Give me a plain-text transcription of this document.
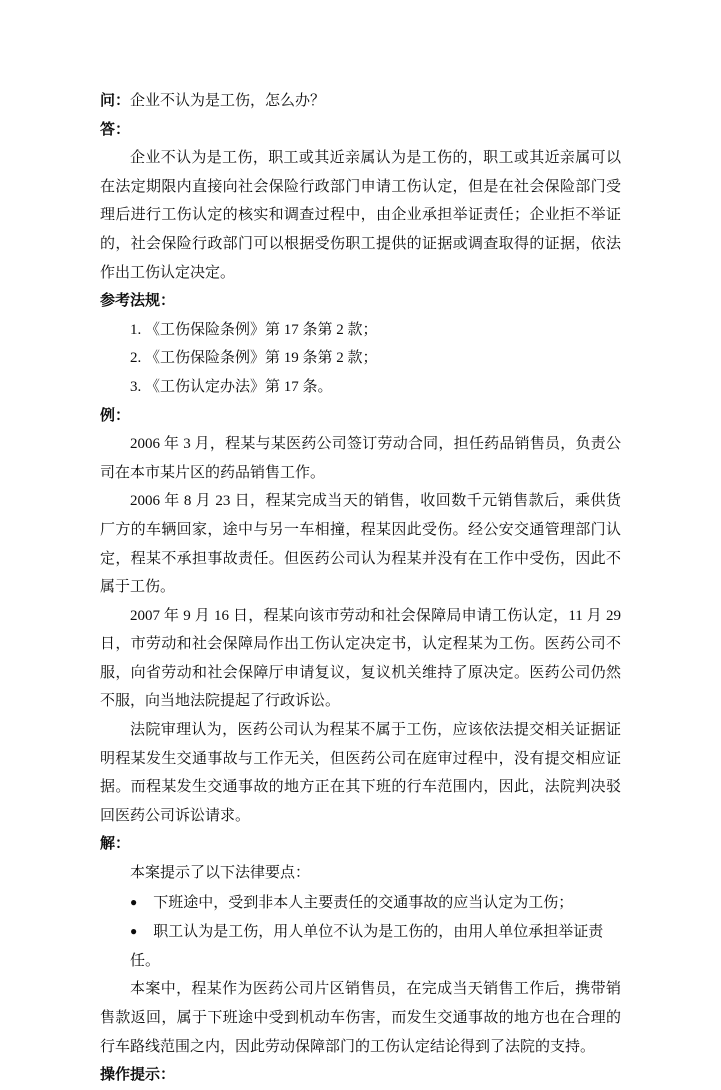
问：企业不认为是工伤，怎么办？

答：

企业不认为是工伤，职工或其近亲属认为是工伤的，职工或其近亲属可以在法定期限内直接向社会保险行政部门申请工伤认定，但是在社会保险部门受理后进行工伤认定的核实和调查过程中，由企业承担举证责任；企业拒不举证的，社会保险行政部门可以根据受伤职工提供的证据或调查取得的证据，依法作出工伤认定决定。

参考法规：

1. 《工伤保险条例》第 17 条第 2 款；

2. 《工伤保险条例》第 19 条第 2 款；

3. 《工伤认定办法》第 17 条。

例：

2006 年 3 月，程某与某医药公司签订劳动合同，担任药品销售员，负责公司在本市某片区的药品销售工作。

2006 年 8 月 23 日，程某完成当天的销售，收回数千元销售款后，乘供货厂方的车辆回家，途中与另一车相撞，程某因此受伤。经公安交通管理部门认定，程某不承担事故责任。但医药公司认为程某并没有在工作中受伤，因此不属于工伤。

2007 年 9 月 16 日，程某向该市劳动和社会保障局申请工伤认定，11 月 29 日，市劳动和社会保障局作出工伤认定决定书，认定程某为工伤。医药公司不服，向省劳动和社会保障厅申请复议，复议机关维持了原决定。医药公司仍然不服，向当地法院提起了行政诉讼。

法院审理认为，医药公司认为程某不属于工伤，应该依法提交相关证据证明程某发生交通事故与工作无关，但医药公司在庭审过程中，没有提交相应证据。而程某发生交通事故的地方正在其下班的行车范围内，因此，法院判决驳回医药公司诉讼请求。

解：

本案提示了以下法律要点：

● 下班途中，受到非本人主要责任的交通事故的应当认定为工伤；

● 职工认为是工伤，用人单位不认为是工伤的，由用人单位承担举证责任。

本案中，程某作为医药公司片区销售员，在完成当天销售工作后，携带销售款返回，属于下班途中受到机动车伤害，而发生交通事故的地方也在合理的行车路线范围之内，因此劳动保障部门的工伤认定结论得到了法院的支持。

操作提示：
